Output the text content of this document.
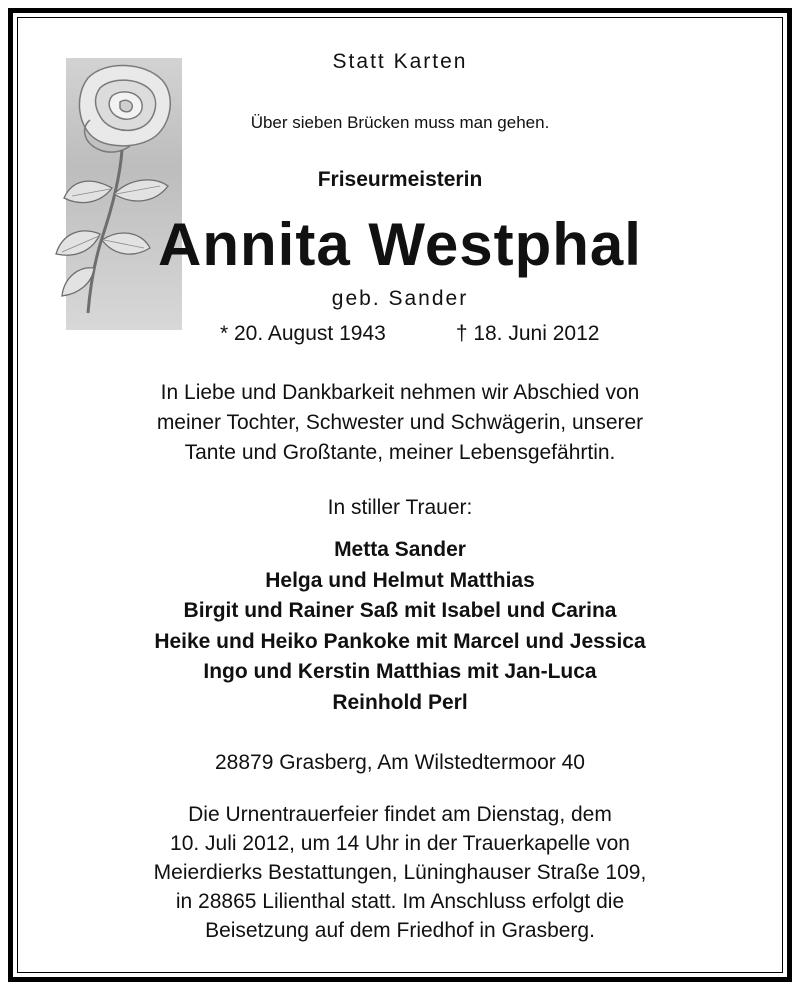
Statt Karten
Über sieben Brücken muss man gehen.
Friseurmeisterin
Annita Westphal
geb. Sander
* 20. August 1943	† 18. Juni 2012
In Liebe und Dankbarkeit nehmen wir Abschied von
meiner Tochter, Schwester und Schwägerin, unserer
Tante und Großtante, meiner Lebensgefährtin.
In stiller Trauer:
Metta Sander
Helga und Helmut Matthias
Birgit und Rainer Saß mit Isabel und Carina
Heike und Heiko Pankoke mit Marcel und Jessica
Ingo und Kerstin Matthias mit Jan-Luca
Reinhold Perl
28879 Grasberg, Am Wilstedtermoor 40
Die Urnentrauerfeier findet am Dienstag, dem
10. Juli 2012, um 14 Uhr in der Trauerkapelle von
Meierdierks Bestattungen, Lüninghauser Straße 109,
in 28865 Lilienthal statt. Im Anschluss erfolgt die
Beisetzung auf dem Friedhof in Grasberg.
